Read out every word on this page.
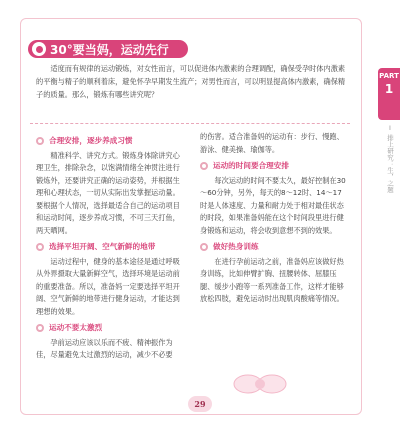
30°要当妈，运动先行

适度而有规律的运动锻炼，对女性而言，可以促进体内激素的合理调配，确保受孕时体内激素的平衡与精子的顺利着床，避免怀孕早期发生流产；对男性而言，可以明显提高体内激素，确保精子的质量。那么，锻炼有哪些讲究呢？

合理安排，逐步养成习惯

精准科学、讲究方式。锻炼身体除讲究心理卫生，排除杂念，以饱满情绪全神贯注进行锻炼外，还要讲究正确的运动姿势，并根据生理和心理状态，一切从实际出发掌握运动量。要根据个人情况，选择最适合自己的运动项目和运动时间，逐步养成习惯，不可三天打鱼，两天晒网。

选择平坦开阔、空气新鲜的地带

运动过程中，健身的基本途径是通过呼吸从外界摄取大量新鲜空气，选择环境是运动前的重要准备。所以，准备妈一定要选择平坦开阔、空气新鲜的地带进行健身运动，才能达到理想的效果。

运动不要太激烈

孕前运动应该以乐而不疲、精神振作为佳，尽量避免太过激烈的运动，减少不必要

的伤害。适合准备妈的运动有：步行、慢跑、游泳、健美操、瑜伽等。

运动的时间要合理安排

每次运动的时间不要太久，最好控制在30～60分钟，另外，每天的8～12时、14～17时是人体速度、力量和耐力处于相对最佳状态的时段，如果准备妈能在这个时间段里进行健身锻炼和运动，将会收到意想不到的效果。

做好热身训练

在进行孕前运动之前，准备妈应该做好热身训练，比如伸臂扩胸、扭腰转体、屈膝压腿、缓步小跑等一系列准备工作，这样才能够放松四肢，避免运动时出现肌肉酸痛等情况。

PART
1
Ⅰ 排上研究：生，之题
29
